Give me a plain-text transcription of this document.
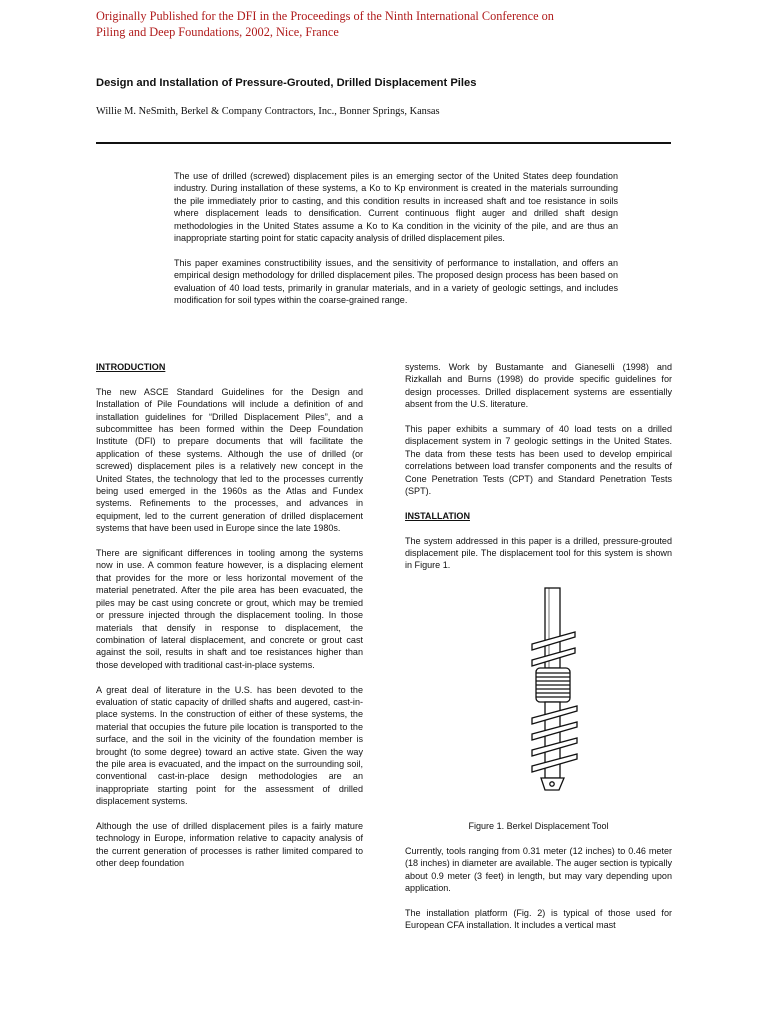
Originally Published for the DFI in the Proceedings of the Ninth International Conference on
Piling and Deep Foundations, 2002, Nice, France
Design and Installation of Pressure-Grouted, Drilled Displacement Piles
Willie M. NeSmith, Berkel & Company Contractors, Inc., Bonner Springs, Kansas

The use of drilled (screwed) displacement piles is an emerging sector of the United States deep foundation industry. During installation of these systems, a Ko to Kp environment is created in the materials surrounding the pile immediately prior to casting, and this condition results in increased shaft and toe resistance in soils where displacement leads to densification. Current continuous flight auger and drilled shaft design methodologies in the United States assume a Ko to Ka condition in the vicinity of the pile, and are thus an inappropriate starting point for static capacity analysis of drilled displacement piles.

This paper examines constructibility issues, and the sensitivity of performance to installation, and offers an empirical design methodology for drilled displacement piles. The proposed design process has been based on evaluation of 40 load tests, primarily in granular materials, and in a variety of geologic settings, and includes modification for soil types within the coarse-grained range.

INTRODUCTION

The new ASCE Standard Guidelines for the Design and Installation of Pile Foundations will include a definition of and installation guidelines for “Drilled Displacement Piles”, and a subcommittee has been formed within the Deep Foundation Institute (DFI) to prepare documents that will facilitate the application of these systems. Although the use of drilled (or screwed) displacement piles is a relatively new concept in the United States, the technology that led to the processes currently being used emerged in the 1960s as the Atlas and Fundex systems. Refinements to the processes, and advances in equipment, led to the current generation of drilled displacement systems that have been used in Europe since the late 1980s.

There are significant differences in tooling among the systems now in use. A common feature however, is a displacing element that provides for the more or less horizontal movement of the material penetrated. After the pile area has been evacuated, the piles may be cast using concrete or grout, which may be tremied or pressure injected through the displacement tooling. In those materials that densify in response to displacement, the combination of lateral displacement, and concrete or grout cast against the soil, results in shaft and toe resistances higher than those developed with traditional cast-in-place systems.

A great deal of literature in the U.S. has been devoted to the evaluation of static capacity of drilled shafts and augered, cast-in-place systems. In the construction of either of these systems, the material that occupies the future pile location is transported to the surface, and the soil in the vicinity of the foundation member is brought (to some degree) toward an active state. Given the way the pile area is evacuated, and the impact on the surrounding soil, conventional cast-in-place design methodologies are an inappropriate starting point for the assessment of drilled displacement systems.

Although the use of drilled displacement piles is a fairly mature technology in Europe, information relative to capacity analysis of the current generation of processes is rather limited compared to other deep foundation

systems. Work by Bustamante and Gianeselli (1998) and Rizkallah and Burns (1998) do provide specific guidelines for design processes. Drilled displacement systems are essentially absent from the U.S. literature.

This paper exhibits a summary of 40 load tests on a drilled displacement system in 7 geologic settings in the United States. The data from these tests has been used to develop empirical correlations between load transfer components and the results of Cone Penetration Tests (CPT) and Standard Penetration Tests (SPT).

INSTALLATION

The system addressed in this paper is a drilled, pressure-grouted displacement pile. The displacement tool for this system is shown in Figure 1.

Figure 1. Berkel Displacement Tool

Currently, tools ranging from 0.31 meter (12 inches) to 0.46 meter (18 inches) in diameter are available. The auger section is typically about 0.9 meter (3 feet) in length, but may vary depending upon application.

The installation platform (Fig. 2) is typical of those used for European CFA installation. It includes a vertical mast
